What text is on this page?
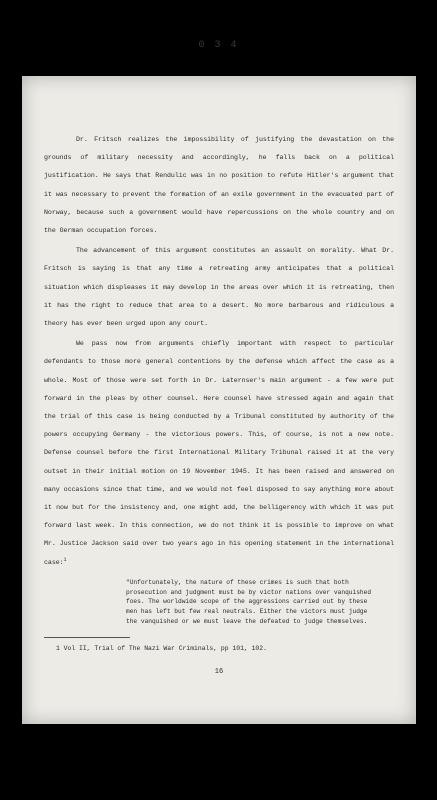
0 3 4

Dr. Fritsch realizes the impossibility of justifying the devastation on the grounds of military necessity and accordingly, he falls back on a political justification. He says that Rendulic was in no position to refute Hitler's argument that it was necessary to prevent the formation of an exile government in the evacuated part of Norway, because such a government would have repercussions on the whole country and on the German occupation forces.

The advancement of this argument constitutes an assault on morality. What Dr. Fritsch is saying is that any time a retreating army anticipates that a political situation which displeases it may develop in the areas over which it is retreating, then it has the right to reduce that area to a desert. No more barbarous and ridiculous a theory has ever been urged upon any court.

We pass now from arguments chiefly important with respect to particular defendants to those more general contentions by the defense which affect the case as a whole. Most of those were set forth in Dr. Laternser's main argument - a few were put forward in the pleas by other counsel. Here counsel have stressed again and again that the trial of this case is being conducted by a Tribunal constituted by authority of the powers occupying Germany - the victorious powers. This, of course, is not a new note. Defense counsel before the first International Military Tribunal raised it at the very outset in their initial motion on 19 November 1945. It has been raised and answered on many occasions since that time, and we would not feel disposed to say anything more about it now but for the insistency and, one might add, the belligerency with which it was put forward last week. In this connection, we do not think it is possible to improve on what Mr. Justice Jackson said over two years ago in his opening statement in the international case:$^1$

"Unfortunately, the nature of these crimes is such that both prosecution and judgment must be by victor nations over vanquished foes. The worldwide scope of the aggressions carried out by these men has left but few real neutrals. Either the victors must judge the vanquished or we must leave the defeated to judge themselves.

1 Vol II, Trial of The Nazi War Criminals, pp 101, 102.
16
